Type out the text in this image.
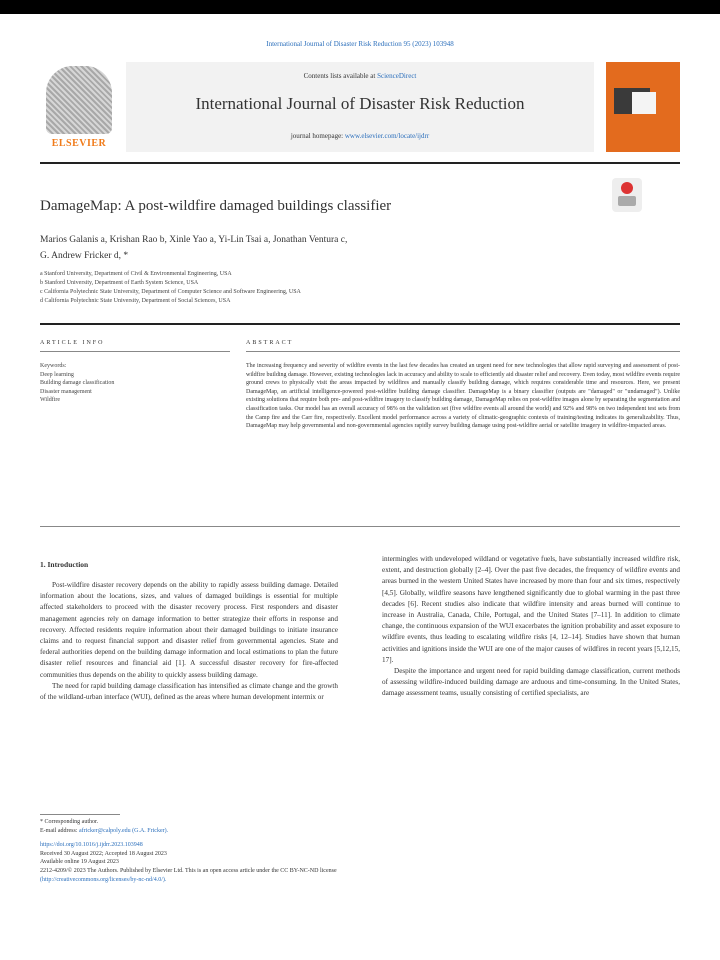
International Journal of Disaster Risk Reduction 95 (2023) 103948
ELSEVIER
Contents lists available at ScienceDirect
International Journal of Disaster Risk Reduction
journal homepage: www.elsevier.com/locate/ijdrr
DamageMap: A post-wildfire damaged buildings classifier
Marios Galanis a, Krishan Rao b, Xinle Yao a, Yi-Lin Tsai a, Jonathan Ventura c,
G. Andrew Fricker d, *

a Stanford University, Department of Civil & Environmental Engineering, USA

b Stanford University, Department of Earth System Science, USA

c California Polytechnic State University, Department of Computer Science and Software Engineering, USA

d California Polytechnic State University, Department of Social Sciences, USA

ARTICLE INFO	ABSTRACT
Keywords:
Deep learning
Building damage classification
Disaster management
Wildfire
The increasing frequency and severity of wildfire events in the last few decades has created an urgent need for new technologies that allow rapid surveying and assessment of post-wildfire building damage. However, existing technologies lack in accuracy and ability to scale to efficiently aid disaster relief and recovery. Even today, most wildfire events require ground crews to physically visit the areas impacted by wildfires and manually classify building damage, which requires considerable time and resources. Here, we present DamageMap, an artificial intelligence-powered post-wildfire building damage classifier. DamageMap is a binary classifier (outputs are "damaged" or "undamaged"). Unlike existing solutions that require both pre- and post-wildfire imagery to classify building damage, DamageMap relies on post-wildfire images alone by separating the segmentation and classification tasks. Our model has an overall accuracy of 98% on the validation set (five wildfire events all around the world) and 92% and 98% on two independent test sets from the Camp fire and the Carr fire, respectively. Excellent model performance across a variety of climatic-geographic contexts of training/testing indicates its generalizability. Thus, DamageMap may help governmental and non-governmental agencies rapidly survey building damage using post-wildfire aerial or satellite imagery in wildfire-impacted areas.
1. Introduction

Post-wildfire disaster recovery depends on the ability to rapidly assess building damage. Detailed information about the locations, sizes, and values of damaged buildings is essential for multiple affected stakeholders to proceed with the disaster recovery process. First responders and disaster management agencies rely on damage information to better strategize their efforts in response and recovery. Affected residents require information about their damaged buildings to initiate insurance claims and to request financial support and disaster relief from governmental agencies. State and federal authorities depend on the building damage information and local estimations to plan the future disaster relief resources and financial aid [1]. A successful disaster recovery for fire-affected communities thus depends on the ability to quickly assess building damage.

The need for rapid building damage classification has intensified as climate change and the growth of the wildland-urban interface (WUI), defined as the areas where human development intermix or

intermingles with undeveloped wildland or vegetative fuels, have substantially increased wildfire risk, extent, and destruction globally [2–4]. Over the past five decades, the frequency of wildfire events and areas burned in the western United States have increased by more than four and six times, respectively [4,5]. Globally, wildfire seasons have lengthened significantly due to global warming in the past three decades [6]. Recent studies also indicate that wildfire intensity and areas burned will continue to increase in Australia, Canada, Chile, Portugal, and the United States [7–11]. In addition to climate change, the continuous expansion of the WUI exacerbates the ignition probability and asset exposure to wildfire events, thus leading to escalating wildfire risks [4, 12–14]. Studies have shown that human activities and ignitions inside the WUI are one of the major causes of wildfires in recent years [5,12,15, 17].

Despite the importance and urgent need for rapid building damage classification, current methods of assessing wildfire-induced building damage are arduous and time-consuming. In the United States, damage assessment teams, usually consisting of certified specialists, are

* Corresponding author.

E-mail address: africker@calpoly.edu (G.A. Fricker).

https://doi.org/10.1016/j.ijdrr.2023.103948

Received 30 August 2022; Accepted 18 August 2023

Available online 19 August 2023

2212-4209/© 2023 The Authors. Published by Elsevier Ltd. This is an open access article under the CC BY-NC-ND license

(http://creativecommons.org/licenses/by-nc-nd/4.0/).
